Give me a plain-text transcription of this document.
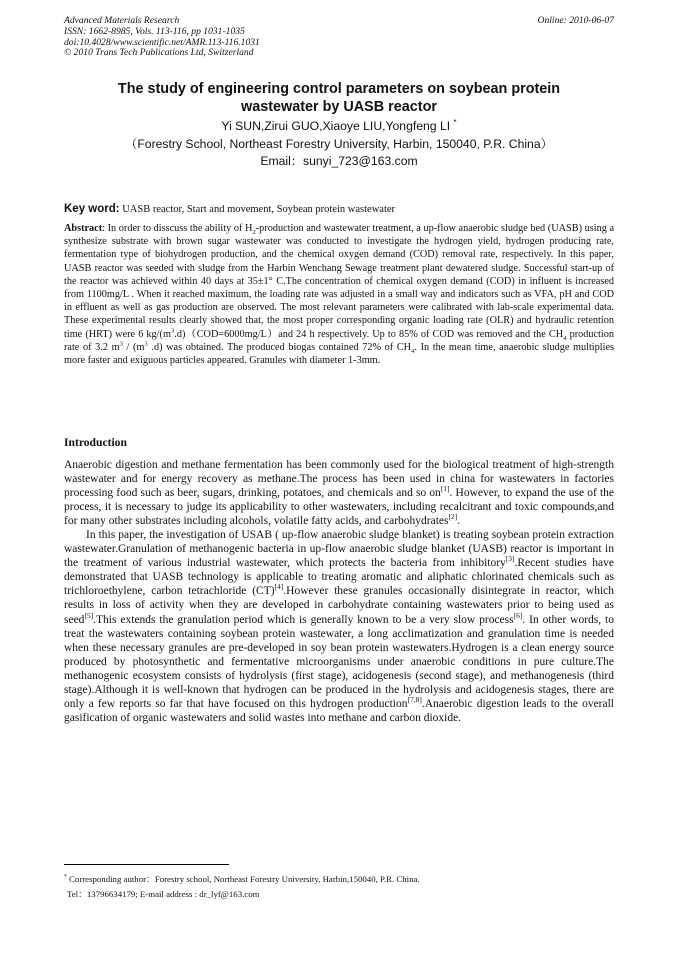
Advanced Materials Research
ISSN: 1662-8985, Vols. 113-116, pp 1031-1035
doi:10.4028/www.scientific.net/AMR.113-116.1031
© 2010 Trans Tech Publications Ltd, Switzerland
Online: 2010-06-07
The study of engineering control parameters on soybean protein
wastewater by UASB reactor
Yi SUN,Zirui GUO,Xiaoye LIU,Yongfeng LI *
（Forestry School, Northeast Forestry University, Harbin, 150040, P.R. China）
Email：sunyi_723@163.com
Key word: UASB reactor, Start and movement, Soybean protein wastewater
Abstract: In order to disscuss the ability of $H_2$-production and wastewater treatment, a up-flow anaerobic sludge bed (UASB) using a synthesize substrate with brown sugar wastewater was conducted to investigate the hydrogen yield, hydrogen producing rate, fermentation type of biohydrogen production, and the chemical oxygen demand (COD) removal rate, respectively. In this paper, UASB reactor was seeded with sludge from the Harbin Wenchang Sewage treatment plant dewatered sludge. Successful start-up of the reactor was achieved within 40 days at 35±1° C.The concentration of chemical oxygen demand (COD) in influent is increased from 1100mg/L . When it reached maximum, the loading rate was adjusted in a small way and indicators such as VFA, pH and COD in effluent as well as gas production are observed. The most relevant parameters were calibrated with lab-scale experimental data. These experimental results clearly showed that, the most proper corresponding organic loading rate (OLR) and hydraulic retention time (HRT) were 6 $kg/(m^3.d)(COD=6000mg/L)and$ 24 h respectively. Up to 85% of COD was removed and the $CH_4$ production rate of 3.2 $m^3 / (m^3$ .d) was obtained. The produced biogas contained 72% of $CH_4$. In the mean time, anaerobic sludge multiplies more faster and exiguous particles appeared. Granules with diameter 1-3mm.
Introduction

Anaerobic digestion and methane fermentation has been commonly used for the biological treatment of high-strength wastewater and for energy recovery as methane.The process has been used in china for wastewaters in factories processing food such as beer, sugars, drinking, potatoes, and chemicals and so on[1]. However, to expand the use of the process, it is necessary to judge its applicability to other wastewaters, including recalcitrant and toxic compounds,and for many other substrates including alcohols, volatile fatty acids, and carbohydrates[2].

In this paper, the investigation of USAB ( up-flow anaerobic sludge blanket) is treating soybean protein extraction wastewater.Granulation of methanogenic bacteria in up-flow anaerobic sludge blanket (UASB) reactor is important in the treatment of various industrial wastewater, which protects the bacteria from inhibitory[3].Recent studies have demonstrated that UASB technology is applicable to treating aromatic and aliphatic chlorinated chemicals such as trichloroethylene, carbon tetrachloride (CT)[4].However these granules occasionally disintegrate in reactor, which results in loss of activity when they are developed in carbohydrate containing wastewaters prior to being used as seed[5].This extends the granulation period which is generally known to be a very slow process[6]. In other words, to treat the wastewaters containing soybean protein wastewater, a long acclimatization and granulation time is needed when these necessary granules are pre-developed in soy bean protein wastewaters.Hydrogen is a clean energy source produced by photosynthetic and fermentative microorganisms under anaerobic conditions in pure culture.The methanogenic ecosystem consists of hydrolysis (first stage), acidogenesis (second stage), and methanogenesis (third stage).Although it is well-known that hydrogen can be produced in the hydrolysis and acidogenesis stages, there are only a few reports so far that have focused on this hydrogen production[7,8].Anaerobic digestion leads to the overall gasification of organic wastewaters and solid wastes into methane and carbon dioxide.

* Corresponding author：Forestry school, Northeast Forestry University, Harbin,150040, P.R. China.
Tel：13796634179; E-mail address : dr_lyf@163.com
